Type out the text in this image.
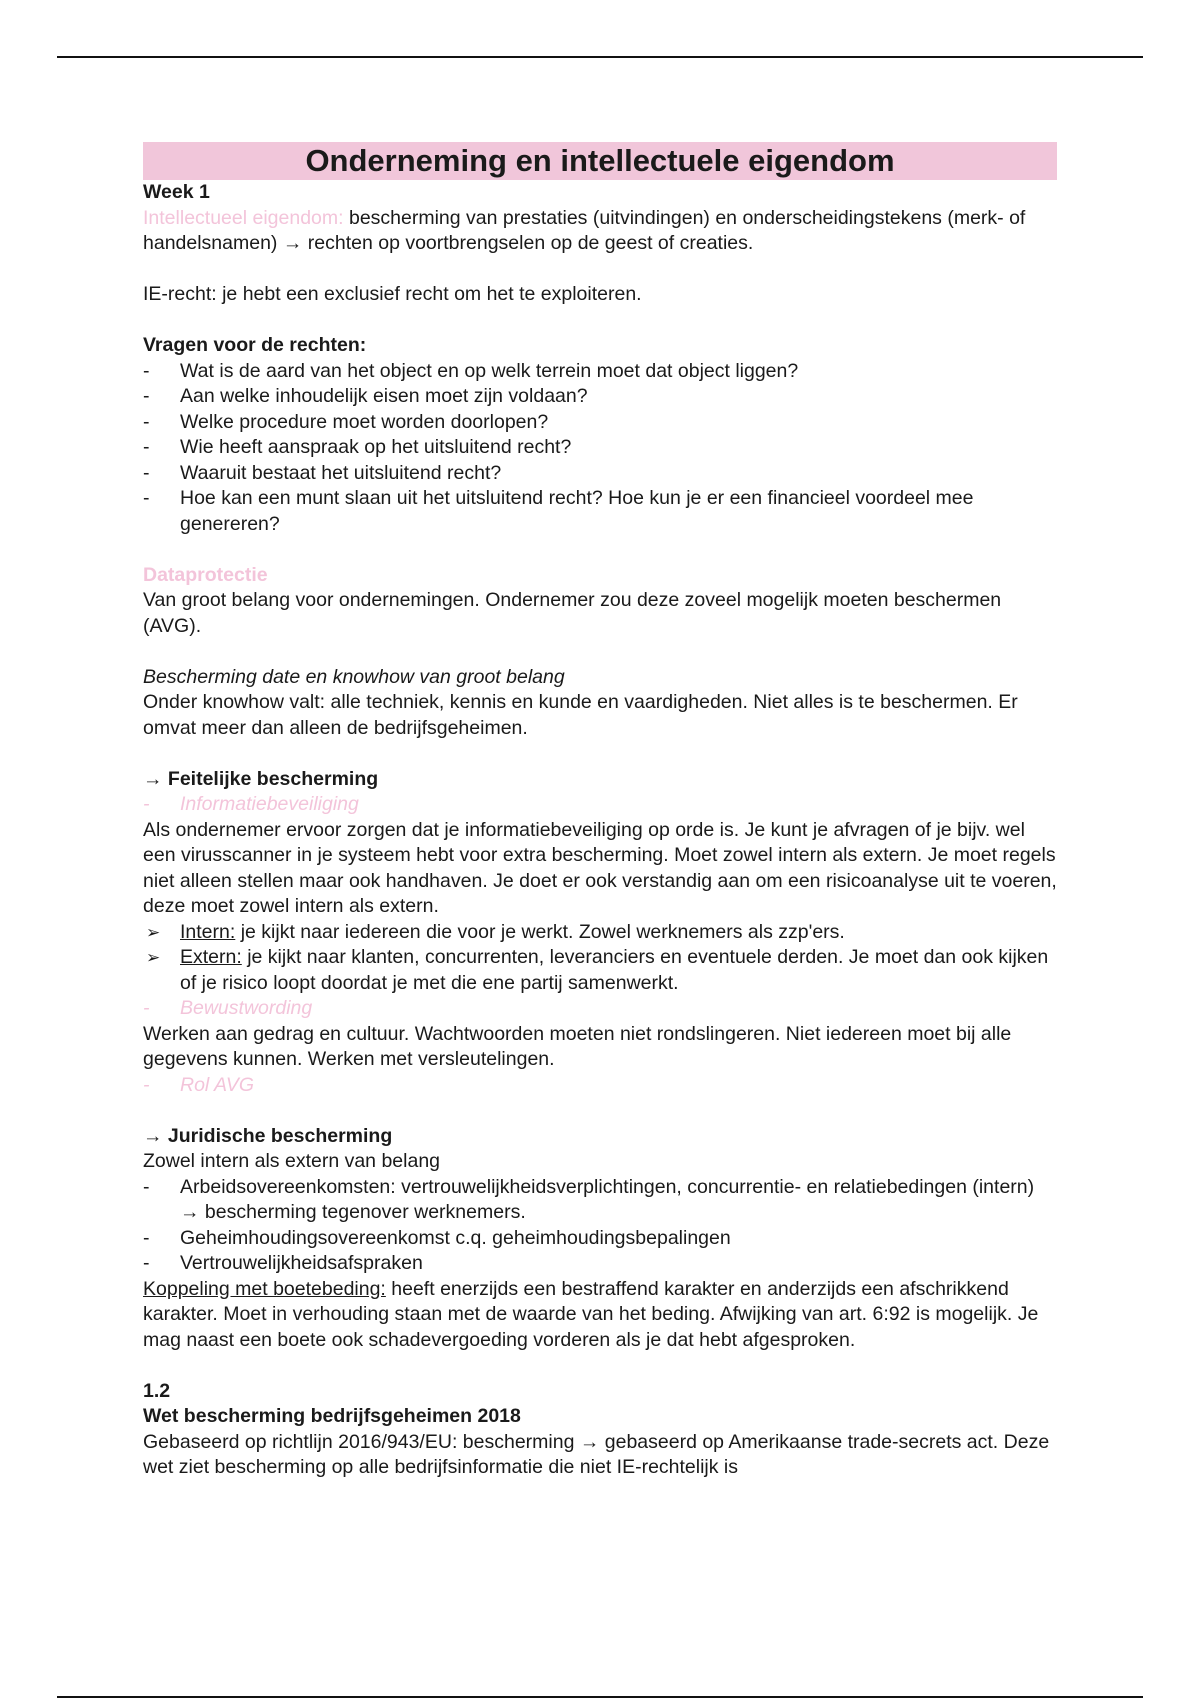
Onderneming en intellectuele eigendom

Week 1

Intellectueel eigendom: bescherming van prestaties (uitvindingen) en onderscheidingstekens (merk- of handelsnamen) → rechten op voortbrengselen op de geest of creaties.

IE-recht: je hebt een exclusief recht om het te exploiteren.

Vragen voor de rechten:

- Wat is de aard van het object en op welk terrein moet dat object liggen?
- Aan welke inhoudelijk eisen moet zijn voldaan?
- Welke procedure moet worden doorlopen?
- Wie heeft aanspraak op het uitsluitend recht?
- Waaruit bestaat het uitsluitend recht?
- Hoe kan een munt slaan uit het uitsluitend recht? Hoe kun je er een financieel voordeel mee genereren?

Dataprotectie

Van groot belang voor ondernemingen. Ondernemer zou deze zoveel mogelijk moeten beschermen (AVG).

Bescherming date en knowhow van groot belang

Onder knowhow valt: alle techniek, kennis en kunde en vaardigheden. Niet alles is te beschermen. Er omvat meer dan alleen de bedrijfsgeheimen.

→ Feitelijke bescherming

- Informatiebeveiliging

Als ondernemer ervoor zorgen dat je informatiebeveiliging op orde is. Je kunt je afvragen of je bijv. wel een virusscanner in je systeem hebt voor extra bescherming. Moet zowel intern als extern. Je moet regels niet alleen stellen maar ook handhaven. Je doet er ook verstandig aan om een risicoanalyse uit te voeren, deze moet zowel intern als extern.

➢ Intern: je kijkt naar iedereen die voor je werkt. Zowel werknemers als zzp'ers.
➢ Extern: je kijkt naar klanten, concurrenten, leveranciers en eventuele derden. Je moet dan ook kijken of je risico loopt doordat je met die ene partij samenwerkt.
- Bewustwording

Werken aan gedrag en cultuur. Wachtwoorden moeten niet rondslingeren. Niet iedereen moet bij alle gegevens kunnen. Werken met versleutelingen.

- Rol AVG

→ Juridische bescherming

Zowel intern als extern van belang

- Arbeidsovereenkomsten: vertrouwelijkheidsverplichtingen, concurrentie- en relatiebedingen (intern) → bescherming tegenover werknemers.
- Geheimhoudingsovereenkomst c.q. geheimhoudingsbepalingen
- Vertrouwelijkheidsafspraken

Koppeling met boetebeding: heeft enerzijds een bestraffend karakter en anderzijds een afschrikkend karakter. Moet in verhouding staan met de waarde van het beding. Afwijking van art. 6:92 is mogelijk. Je mag naast een boete ook schadevergoeding vorderen als je dat hebt afgesproken.

1.2

Wet bescherming bedrijfsgeheimen 2018

Gebaseerd op richtlijn 2016/943/EU: bescherming → gebaseerd op Amerikaanse trade-secrets act. Deze wet ziet bescherming op alle bedrijfsinformatie die niet IE-rechtelijk is
